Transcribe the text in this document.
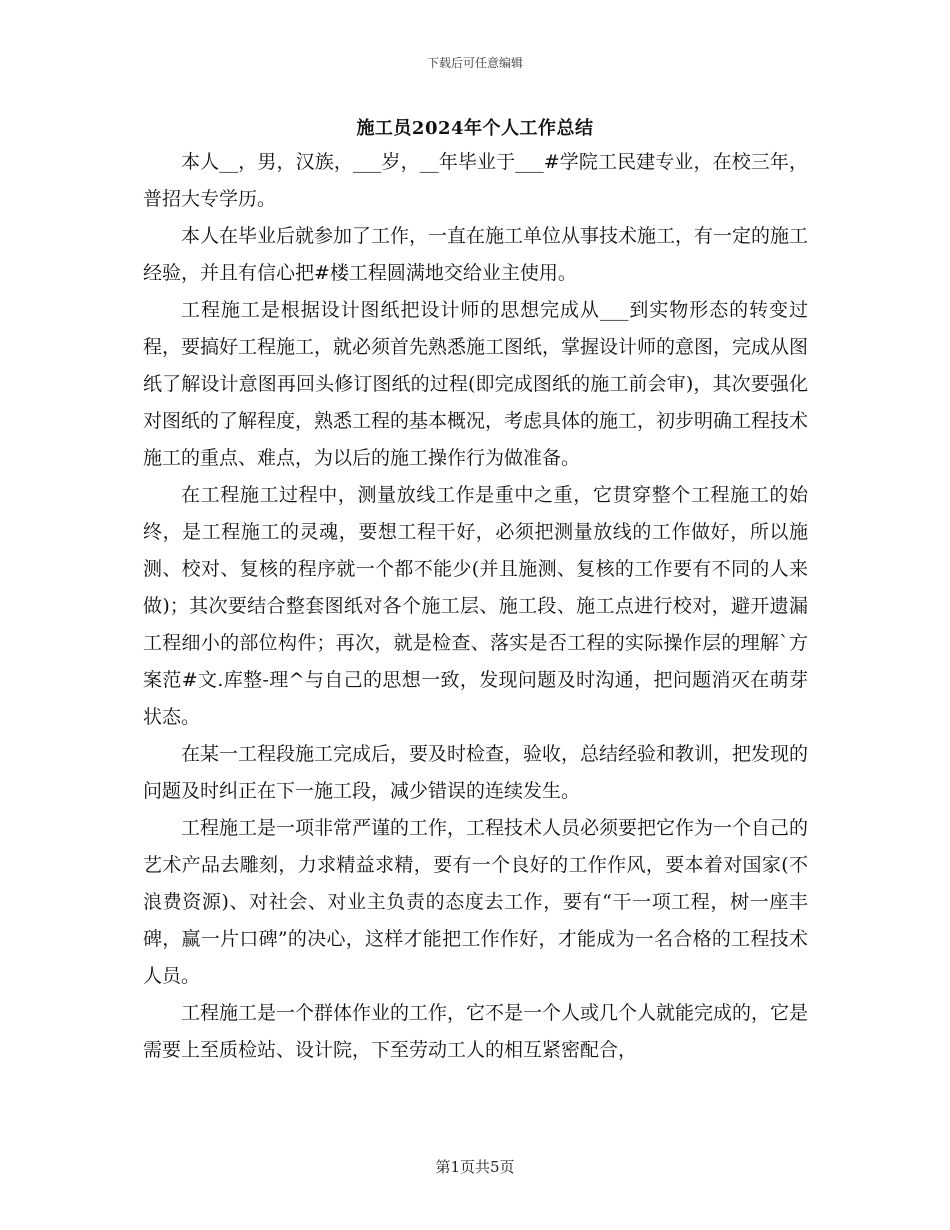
下载后可任意编辑
施工员2024年个人工作总结

本人__，男，汉族，___岁，__年毕业于___#学院工民建专业，在校三年，普招大专学历。

本人在毕业后就参加了工作，一直在施工单位从事技术施工，有一定的施工经验，并且有信心把#楼工程圆满地交给业主使用。

工程施工是根据设计图纸把设计师的思想完成从___到实物形态的转变过程，要搞好工程施工，就必须首先熟悉施工图纸，掌握设计师的意图，完成从图纸了解设计意图再回头修订图纸的过程(即完成图纸的施工前会审)，其次要强化对图纸的了解程度，熟悉工程的基本概况，考虑具体的施工，初步明确工程技术施工的重点、难点，为以后的施工操作行为做准备。

在工程施工过程中，测量放线工作是重中之重，它贯穿整个工程施工的始终，是工程施工的灵魂，要想工程干好，必须把测量放线的工作做好，所以施测、校对、复核的程序就一个都不能少(并且施测、复核的工作要有不同的人来做)；其次要结合整套图纸对各个施工层、施工段、施工点进行校对，避开遗漏工程细小的部位构件；再次，就是检查、落实是否工程的实际操作层的理解`方案范#文.库整-理^与自己的思想一致，发现问题及时沟通，把问题消灭在萌芽状态。

在某一工程段施工完成后，要及时检查，验收，总结经验和教训，把发现的问题及时纠正在下一施工段，减少错误的连续发生。

工程施工是一项非常严谨的工作，工程技术人员必须要把它作为一个自己的艺术产品去雕刻，力求精益求精，要有一个良好的工作作风，要本着对国家(不浪费资源)、对社会、对业主负责的态度去工作，要有“干一项工程，树一座丰碑，赢一片口碑”的决心，这样才能把工作作好，才能成为一名合格的工程技术人员。

工程施工是一个群体作业的工作，它不是一个人或几个人就能完成的，它是需要上至质检站、设计院，下至劳动工人的相互紧密配合，

第1页共5页
